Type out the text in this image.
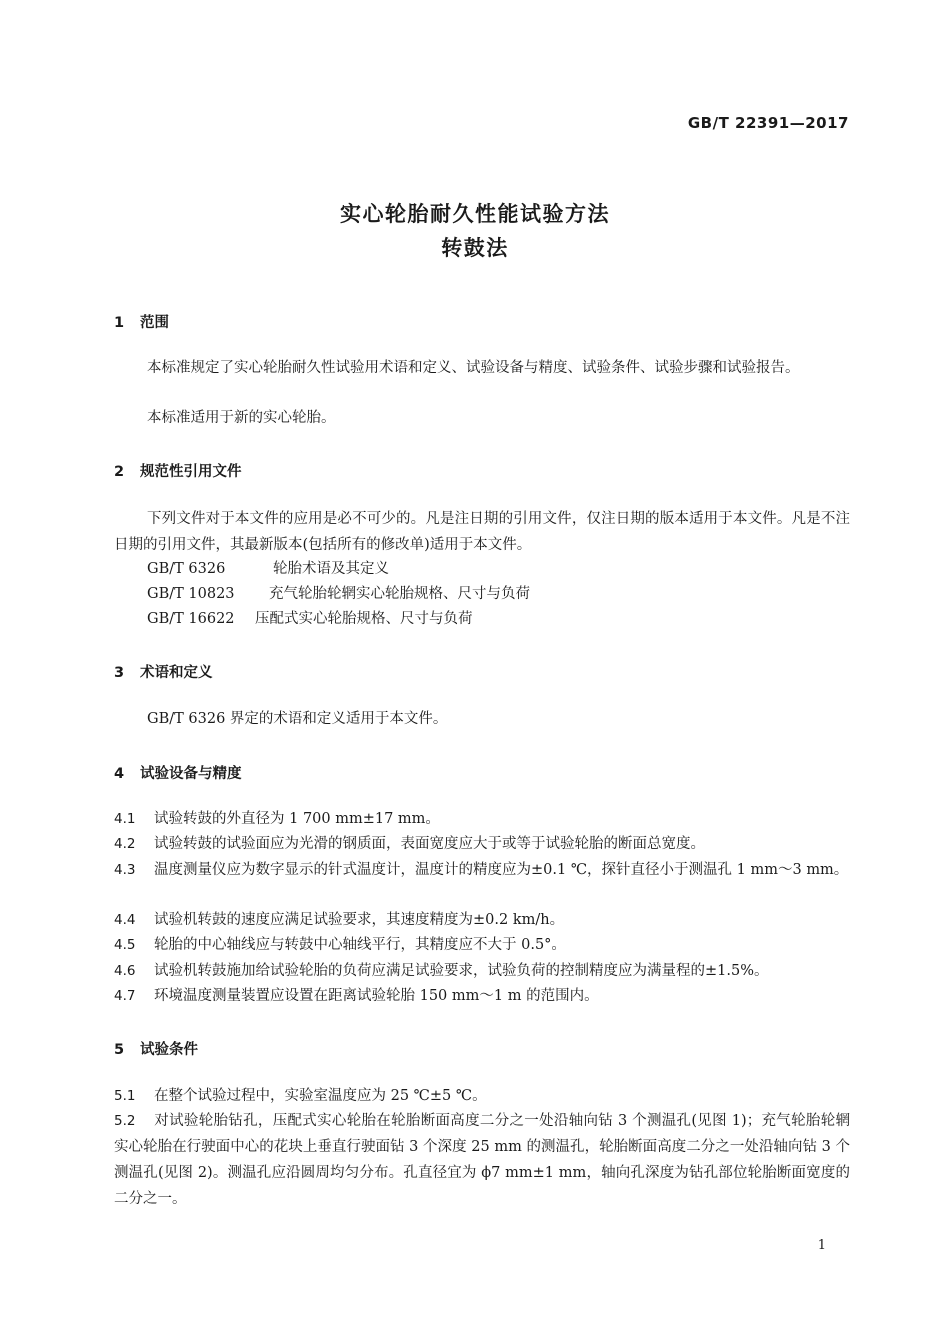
GB/T 22391—2017
实心轮胎耐久性能试验方法
转鼓法
1 范围
本标准规定了实心轮胎耐久性试验用术语和定义、试验设备与精度、试验条件、试验步骤和试验报告。
本标准适用于新的实心轮胎。
2 规范性引用文件
下列文件对于本文件的应用是必不可少的。凡是注日期的引用文件，仅注日期的版本适用于本文件。凡是不注日期的引用文件，其最新版本(包括所有的修改单)适用于本文件。
GB/T 6326	轮胎术语及其定义
GB/T 10823 充气轮胎轮辋实心轮胎规格、尺寸与负荷
GB/T 16622 压配式实心轮胎规格、尺寸与负荷
3 术语和定义
GB/T 6326 界定的术语和定义适用于本文件。
4 试验设备与精度
4.1 试验转鼓的外直径为 1 700 mm±17 mm。
4.2 试验转鼓的试验面应为光滑的钢质面，表面宽度应大于或等于试验轮胎的断面总宽度。
4.3 温度测量仪应为数字显示的针式温度计，温度计的精度应为±0.1 ℃，探针直径小于测温孔 1 mm～3 mm。
4.4 试验机转鼓的速度应满足试验要求，其速度精度为±0.2 km/h。
4.5 轮胎的中心轴线应与转鼓中心轴线平行，其精度应不大于 0.5°。
4.6 试验机转鼓施加给试验轮胎的负荷应满足试验要求，试验负荷的控制精度应为满量程的±1.5%。
4.7 环境温度测量装置应设置在距离试验轮胎 150 mm～1 m 的范围内。
5 试验条件
5.1 在整个试验过程中，实验室温度应为 25 ℃±5 ℃。
5.2 对试验轮胎钻孔，压配式实心轮胎在轮胎断面高度二分之一处沿轴向钻 3 个测温孔(见图 1)；充气轮胎轮辋实心轮胎在行驶面中心的花块上垂直行驶面钻 3 个深度 25 mm 的测温孔，轮胎断面高度二分之一处沿轴向钻 3 个测温孔(见图 2)。测温孔应沿圆周均匀分布。孔直径宜为 ϕ7 mm±1 mm，轴向孔深度为钻孔部位轮胎断面宽度的二分之一。
1
